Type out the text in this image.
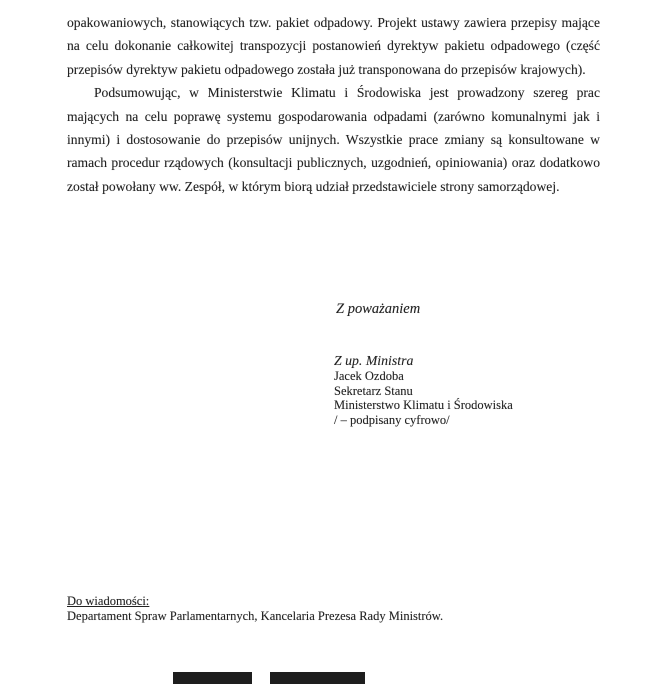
opakowaniowych, stanowiących tzw. pakiet odpadowy. Projekt ustawy zawiera przepisy mające na celu dokonanie całkowitej transpozycji postanowień dyrektyw pakietu odpadowego (część przepisów dyrektyw pakietu odpadowego została już transponowana do przepisów krajowych).

Podsumowując, w Ministerstwie Klimatu i Środowiska jest prowadzony szereg prac mających na celu poprawę systemu gospodarowania odpadami (zarówno komunalnymi jak i innymi) i dostosowanie do przepisów unijnych. Wszystkie prace zmiany są konsultowane w ramach procedur rządowych (konsultacji publicznych, uzgodnień, opiniowania) oraz dodatkowo został powołany ww. Zespół, w którym biorą udział przedstawiciele strony samorządowej.

Z poważaniem
Z up. Ministra
Jacek Ozdoba
Sekretarz Stanu
Ministerstwo Klimatu i Środowiska
/ – podpisany cyfrowo/
Do wiadomości:
Departament Spraw Parlamentarnych, Kancelaria Prezesa Rady Ministrów.
